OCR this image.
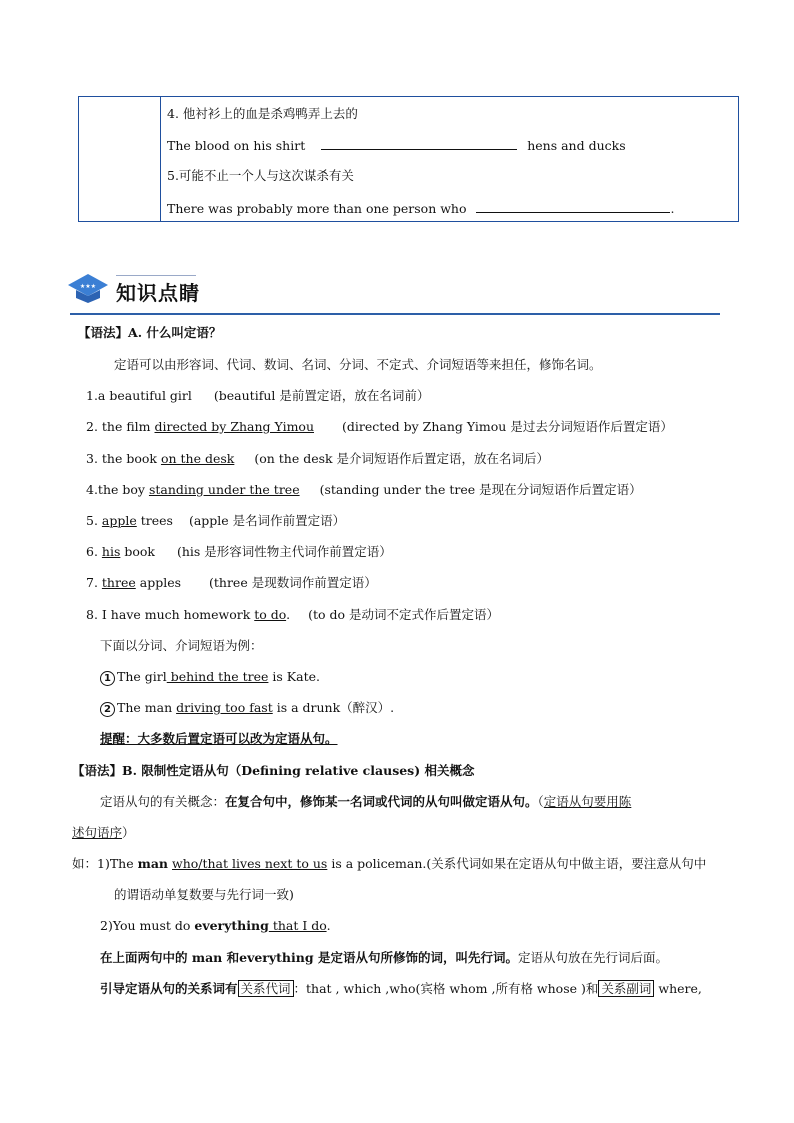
4. 他衬衫上的血是杀鸡鸭弄上去的
The blood on his shirt	hens and ducks
5.可能不止一个人与这次谋杀有关
There was probably more than one person who	.
★★★ 知识点睛
【语法】A. 什么叫定语？
定语可以由形容词、代词、数词、名词、分词、不定式、介词短语等来担任，修饰名词。
1.a beautiful girl (beautiful 是前置定语，放在名词前）
2. the film directed by Zhang Yimou (directed by Zhang Yimou 是过去分词短语作后置定语）
3. the book on the desk (on the desk 是介词短语作后置定语，放在名词后）
4.the boy standing under the tree (standing under the tree 是现在分词短语作后置定语）
5. apple trees (apple 是名词作前置定语）
6. his book (his 是形容词性物主代词作前置定语）
7. three apples (three 是现数词作前置定语）
8. I have much homework to do. (to do 是动词不定式作后置定语）
下面以分词、介词短语为例：
1 The girl behind the tree is Kate.
2 The man driving too fast is a drunk（醉汉）.
提醒：大多数后置定语可以改为定语从句。
【语法】B. 限制性定语从句（Defining relative clauses) 相关概念
定语从句的有关概念：在复合句中，修饰某一名词或代词的从句叫做定语从句。（定语从句要用陈
述句语序）
如：1)The man who/that lives next to us is a policeman.(关系代词如果在定语从句中做主语，要注意从句中
的谓语动单复数要与先行词一致)
2)You must do everything that I do.
在上面两句中的 man 和everything 是定语从句所修饰的词，叫先行词。定语从句放在先行词后面。
引导定语从句的关系词有 关系代词 ：that , which ,who(宾格 whom ,所有格 whose )和 关系副词 where,
